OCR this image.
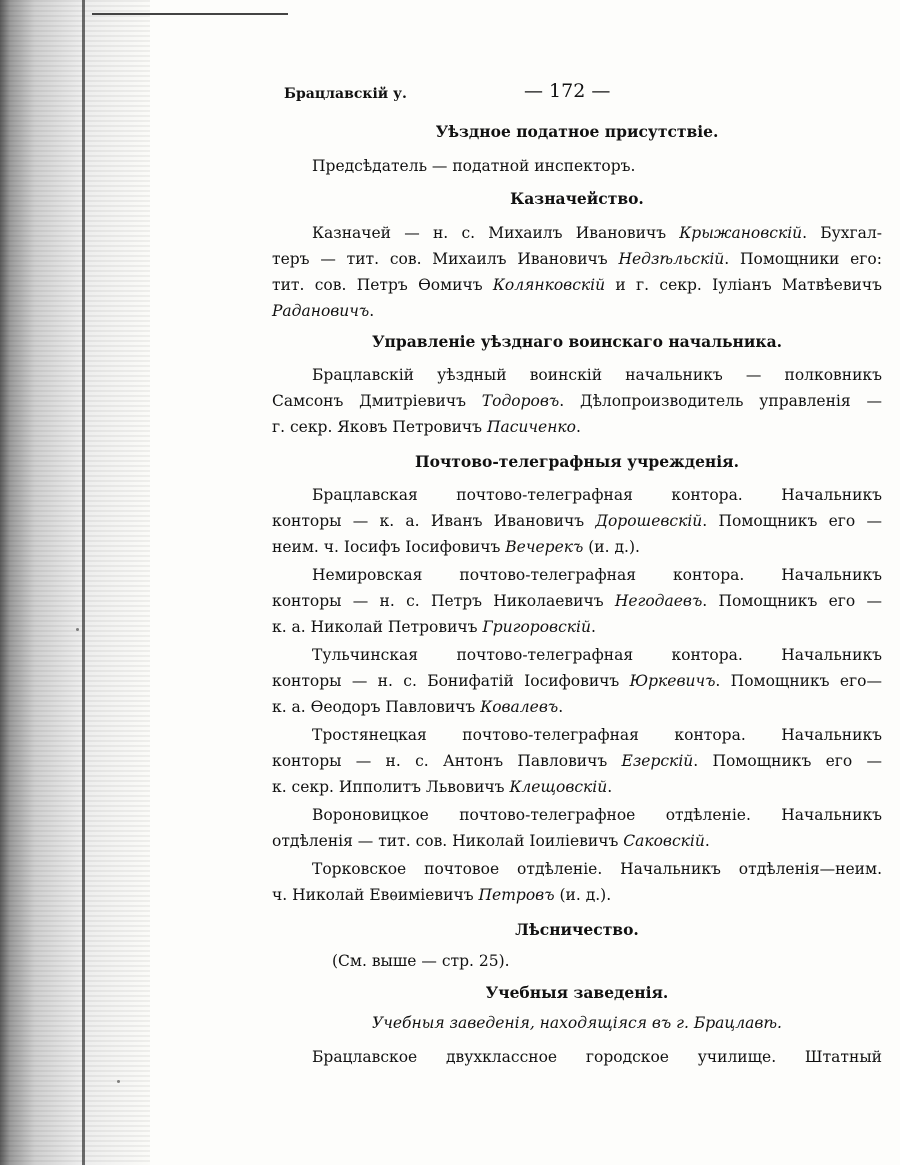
Брацлавскій у.	— 172 —
Уѣздное податное присутствіе.
Предсѣдатель — податной инспекторъ.
Казначейство.
Казначей — н. с. Михаилъ Ивановичъ Крыжановскій. Бухгал-
теръ — тит. сов. Михаилъ Ивановичъ Недзѣльскій. Помощники его:
тит. сов. Петръ Ѳомичъ Колянковскій и г. секр. Іуліанъ Матвѣевичъ
Радановичъ.
Управленіе уѣзднаго воинскаго начальника.
Брацлавскій уѣздный воинскій начальникъ — полковникъ
Самсонъ Дмитріевичъ Тодоровъ. Дѣлопроизводитель управленія —
г. секр. Яковъ Петровичъ Пасиченко.
Почтово-телеграфныя учрежденія.
Брацлавская почтово-телеграфная контора. Начальникъ
конторы — к. а. Иванъ Ивановичъ Дорошевскій. Помощникъ его —
неим. ч. Іосифъ Іосифовичъ Вечерекъ (и. д.).
Немировская почтово-телеграфная контора. Начальникъ
конторы — н. с. Петръ Николаевичъ Негодаевъ. Помощникъ его —
к. а. Николай Петровичъ Григоровскій.
Тульчинская почтово-телеграфная контора. Начальникъ
конторы — н. с. Бонифатій Іосифовичъ Юркевичъ. Помощникъ его—
к. а. Ѳеодоръ Павловичъ Ковалевъ.
Тростянецкая почтово-телеграфная контора. Начальникъ
конторы — н. с. Антонъ Павловичъ Езерскій. Помощникъ его —
к. секр. Ипполитъ Львовичъ Клещовскій.
Вороновицкое почтово-телеграфное отдѣленіе. Начальникъ
отдѣленія — тит. сов. Николай Іоиліевичъ Саковскій.
Торковское почтовое отдѣленіе. Начальникъ отдѣленія—неим.
ч. Николай Евѳиміевичъ Петровъ (и. д.).
Лѣсничество.
(См. выше — стр. 25).
Учебныя заведенія.
Учебныя заведенія, находящіяся въ г. Брацлавѣ.
Брацлавское двухклассное городское училище. Штатный
